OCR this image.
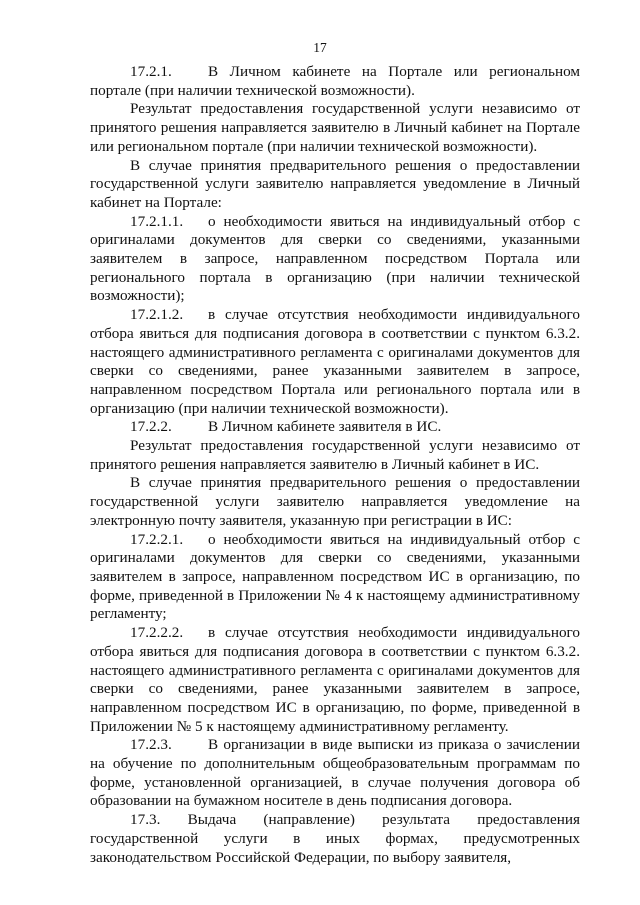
17

17.2.1. В Личном кабинете на Портале или региональном портале (при наличии технической возможности).

Результат предоставления государственной услуги независимо от принятого решения направляется заявителю в Личный кабинет на Портале или региональном портале (при наличии технической возможности).

В случае принятия предварительного решения о предоставлении государственной услуги заявителю направляется уведомление в Личный кабинет на Портале:

17.2.1.1. о необходимости явиться на индивидуальный отбор с оригиналами документов для сверки со сведениями, указанными заявителем в запросе, направленном посредством Портала или регионального портала в организацию (при наличии технической возможности);

17.2.1.2. в случае отсутствия необходимости индивидуального отбора явиться для подписания договора в соответствии с пунктом 6.3.2. настоящего административного регламента с оригиналами документов для сверки со сведениями, ранее указанными заявителем в запросе, направленном посредством Портала или регионального портала или в организацию (при наличии технической возможности).

17.2.2. В Личном кабинете заявителя в ИС.

Результат предоставления государственной услуги независимо от принятого решения направляется заявителю в Личный кабинет в ИС.

В случае принятия предварительного решения о предоставлении государственной услуги заявителю направляется уведомление на электронную почту заявителя, указанную при регистрации в ИС:

17.2.2.1. о необходимости явиться на индивидуальный отбор с оригиналами документов для сверки со сведениями, указанными заявителем в запросе, направленном посредством ИС в организацию, по форме, приведенной в Приложении № 4 к настоящему административному регламенту;

17.2.2.2. в случае отсутствия необходимости индивидуального отбора явиться для подписания договора в соответствии с пунктом 6.3.2. настоящего административного регламента с оригиналами документов для сверки со сведениями, ранее указанными заявителем в запросе, направленном посредством ИС в организацию, по форме, приведенной в Приложении № 5 к настоящему административному регламенту.

17.2.3. В организации в виде выписки из приказа о зачислении на обучение по дополнительным общеобразовательным программам по форме, установленной организацией, в случае получения договора об образовании на бумажном носителе в день подписания договора.

17.3. Выдача (направление) результата предоставления государственной услуги в иных формах, предусмотренных законодательством Российской Федерации, по выбору заявителя,
